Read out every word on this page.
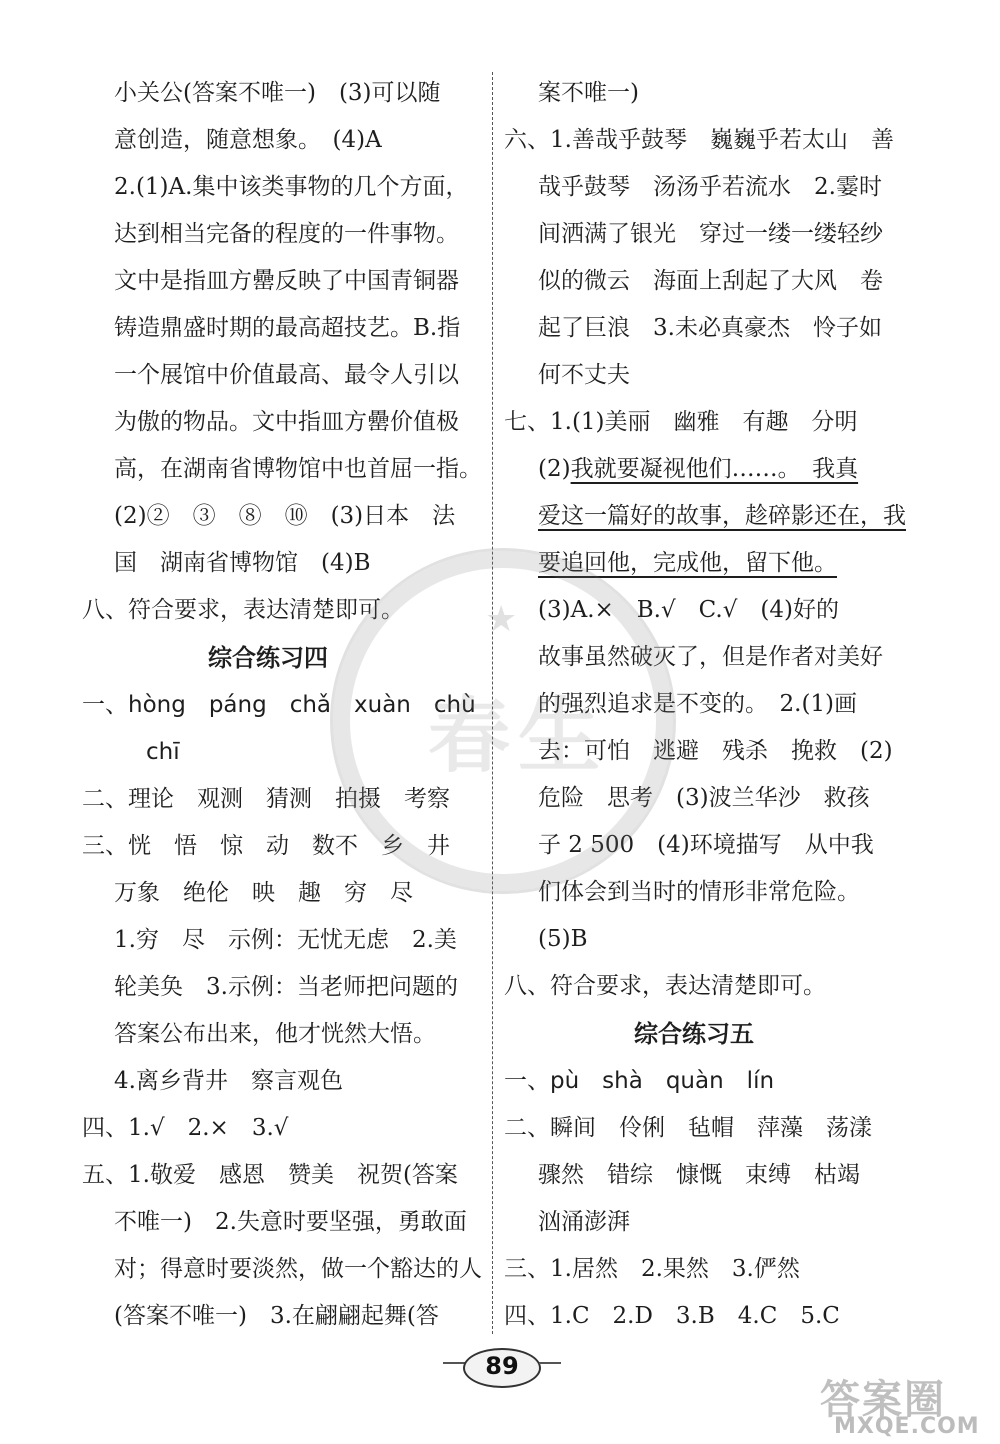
小关公(答案不唯一)　(3)可以随
意创造，随意想象。　(4)A
2.(1)A.集中该类事物的几个方面，
达到相当完备的程度的一件事物。
文中是指皿方罍反映了中国青铜器
铸造鼎盛时期的最高超技艺。B.指
一个展馆中价值最高、最令人引以
为傲的物品。文中指皿方罍价值极
高，在湖南省博物馆中也首屈一指。
(2)②　③　⑧　⑩　(3)日本　法
国　湖南省博物馆　(4)B
八、符合要求，表达清楚即可。
综合练习四
一、hòng　páng　chǎ　xuàn　chù
chī
二、理论　观测　猜测　拍摄　考察
三、恍　悟　惊　动　数不　乡　井
万象　绝伦　映　趣　穷　尽
1.穷　尽　示例：无忧无虑　2.美
轮美奂　3.示例：当老师把问题的
答案公布出来，他才恍然大悟。
4.离乡背井　察言观色
四、1.√　2.×　3.√
五、1.敬爱　感恩　赞美　祝贺(答案
不唯一)　2.失意时要坚强，勇敢面
对；得意时要淡然，做一个豁达的人
(答案不唯一)　3.在翩翩起舞(答
案不唯一)
六、1.善哉乎鼓琴　巍巍乎若太山　善
哉乎鼓琴　汤汤乎若流水　2.霎时
间洒满了银光　穿过一缕一缕轻纱
似的微云　海面上刮起了大风　卷
起了巨浪　3.未必真豪杰　怜子如
何不丈夫
七、1.(1)美丽　幽雅　有趣　分明
(2)我就要凝视他们……。　我真
爱这一篇好的故事，趁碎影还在，我
要追回他，完成他，留下他。
(3)A.×　B.√　C.√　(4)好的
故事虽然破灭了，但是作者对美好
的强烈追求是不变的。　2.(1)画
去：可怕　逃避　残杀　挽救　(2)
危险　思考　(3)波兰华沙　救孩
子 2 500　(4)环境描写　从中我
们体会到当时的情形非常危险。
(5)B
八、符合要求，表达清楚即可。
综合练习五
一、pù　shà　quàn　lín
二、瞬间　伶俐　毡帽　萍藻　荡漾
骤然　错综　慷慨　束缚　枯竭
汹涌澎湃
三、1.居然　2.果然　3.俨然
四、1.C　2.D　3.B　4.C　5.C
★
春生
89
答案圈
MXQE.COM
